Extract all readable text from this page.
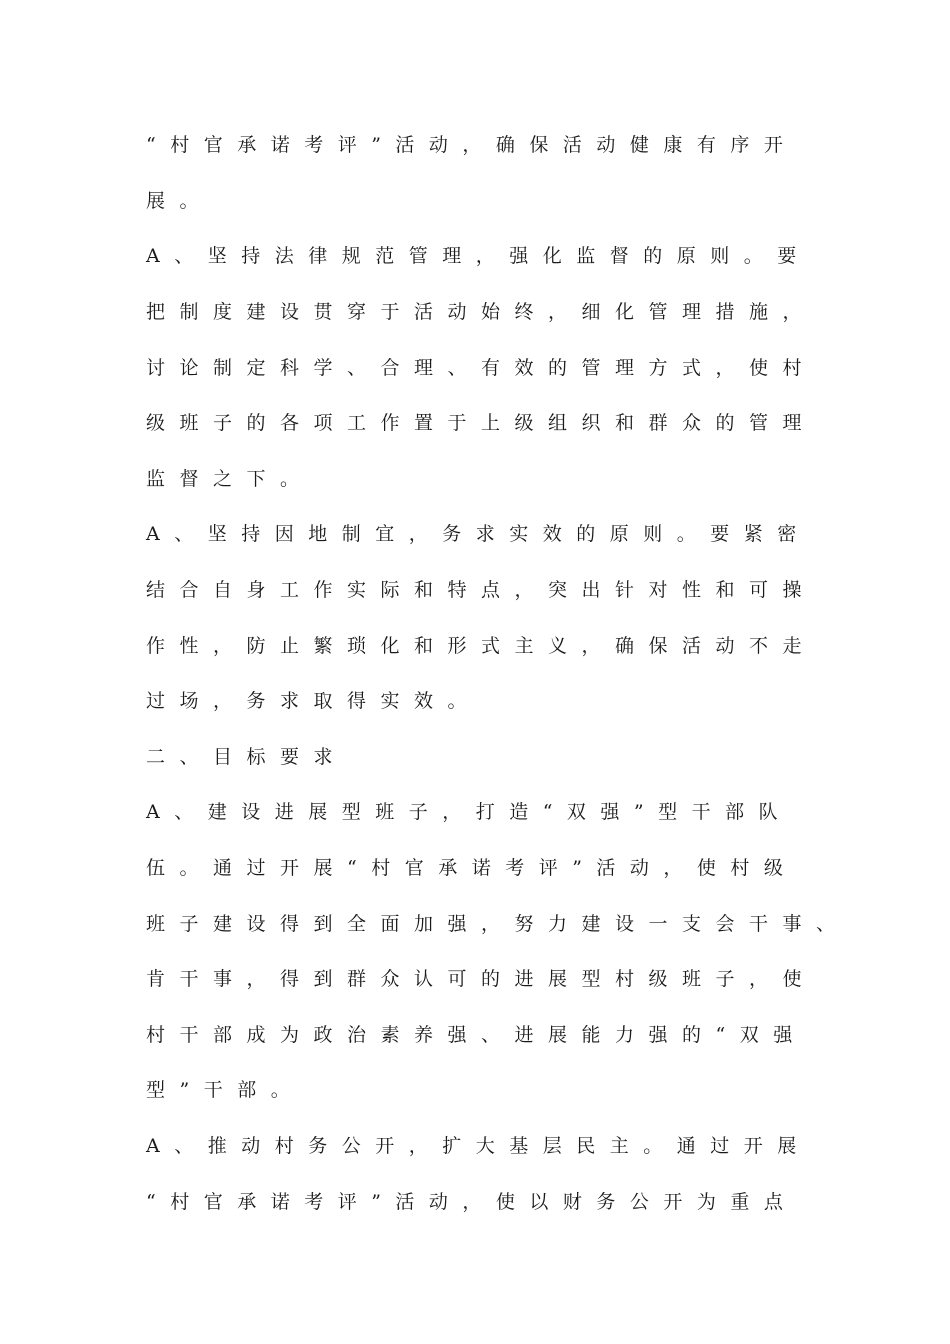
“村官承诺考评”活动，确保活动健康有序开
展。
A、坚持法律规范管理，强化监督的原则。要
把制度建设贯穿于活动始终，细化管理措施，
讨论制定科学、合理、有效的管理方式，使村
级班子的各项工作置于上级组织和群众的管理
监督之下。
A、坚持因地制宜，务求实效的原则。要紧密
结合自身工作实际和特点，突出针对性和可操
作性，防止繁琐化和形式主义，确保活动不走
过场，务求取得实效。
二、目标要求
A、建设进展型班子，打造“双强”型干部队
伍。通过开展“村官承诺考评”活动，使村级
班子建设得到全面加强，努力建设一支会干事、
肯干事，得到群众认可的进展型村级班子，使
村干部成为政治素养强、进展能力强的“双强
型”干部。
A、推动村务公开，扩大基层民主。通过开展
“村官承诺考评”活动，使以财务公开为重点
